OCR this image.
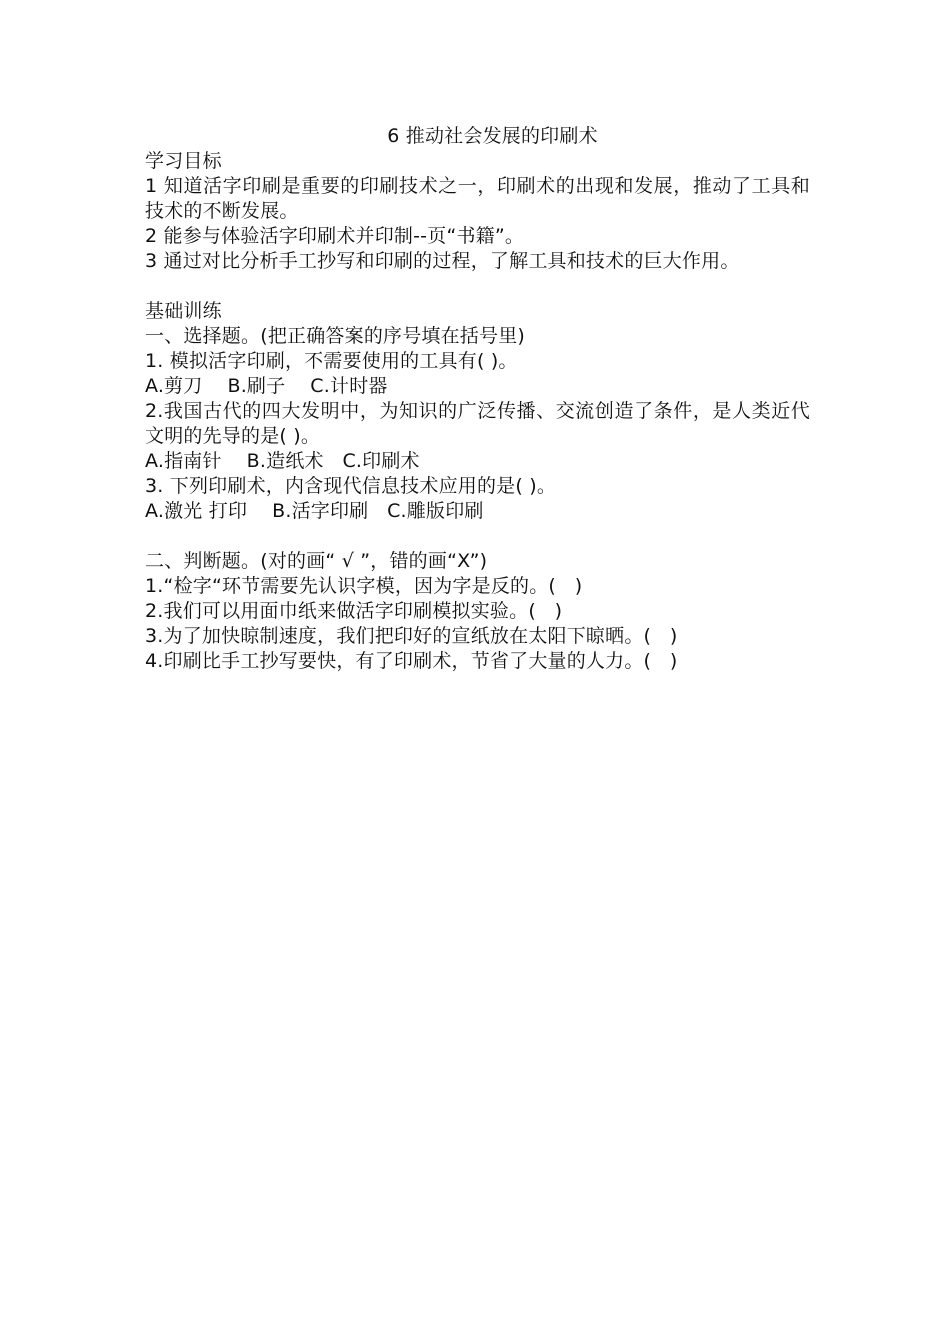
6 推动社会发展的印刷术

学习目标

1 知道活字印刷是重要的印刷技术之一，印刷术的出现和发展，推动了工具和技术的不断发展。

2 能参与体验活字印刷术并印制--页“书籍”。

3 通过对比分析手工抄写和印刷的过程，了解工具和技术的巨大作用。

基础训练

一、选择题。(把正确答案的序号填在括号里)

1. 模拟活字印刷，不需要使用的工具有( )。

A.剪刀    B.刷子    C.计时器

2.我国古代的四大发明中，为知识的广泛传播、交流创造了条件，是人类近代文明的先导的是( )。

A.指南针    B.造纸术   C.印刷术

3. 下列印刷术，内含现代信息技术应用的是( )。

A.激光 打印    B.活字印刷   C.雕版印刷

二、判断题。(对的画“ √ ”，错的画“X”)

1.“检字“环节需要先认识字模，因为字是反的。(   )

2.我们可以用面巾纸来做活字印刷模拟实验。(   )

3.为了加快晾制速度，我们把印好的宣纸放在太阳下晾晒。(   )

4.印刷比手工抄写要快，有了印刷术，节省了大量的人力。(   )
